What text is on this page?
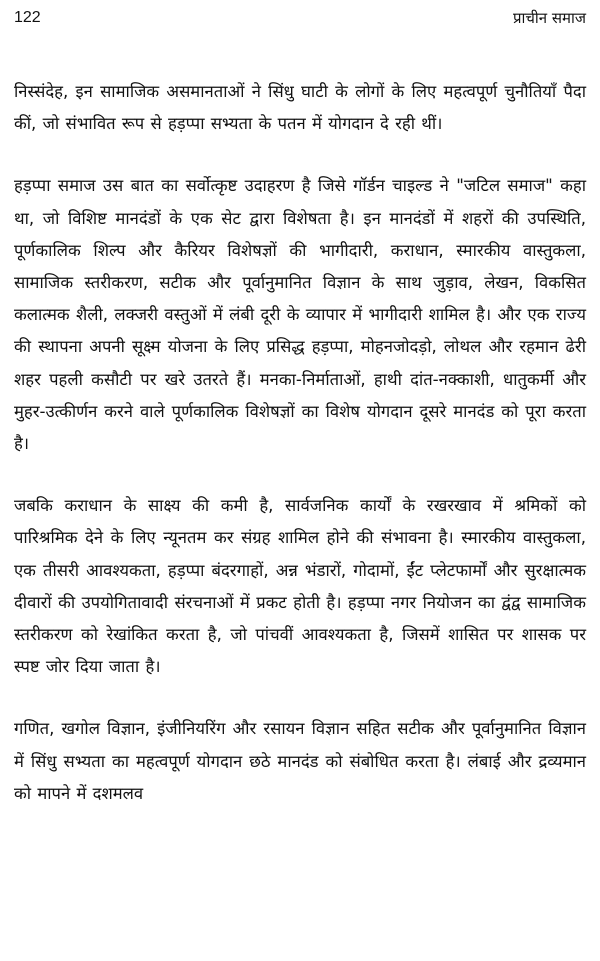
122	प्राचीन समाज

निस्संदेह, इन सामाजिक असमानताओं ने सिंधु घाटी के लोगों के लिए महत्वपूर्ण चुनौतियाँ पैदा कीं, जो संभावित रूप से हड़प्पा सभ्यता के पतन में योगदान दे रही थीं।

हड़प्पा समाज उस बात का सर्वोत्कृष्ट उदाहरण है जिसे गॉर्डन चाइल्ड ने "जटिल समाज" कहा था, जो विशिष्ट मानदंडों के एक सेट द्वारा विशेषता है। इन मानदंडों में शहरों की उपस्थिति, पूर्णकालिक शिल्प और कैरियर विशेषज्ञों की भागीदारी, कराधान, स्मारकीय वास्तुकला, सामाजिक स्तरीकरण, सटीक और पूर्वानुमानित विज्ञान के साथ जुड़ाव, लेखन, विकसित कलात्मक शैली, लक्जरी वस्तुओं में लंबी दूरी के व्यापार में भागीदारी शामिल है। और एक राज्य की स्थापना अपनी सूक्ष्म योजना के लिए प्रसिद्ध हड़प्पा, मोहनजोदड़ो, लोथल और रहमान ढेरी शहर पहली कसौटी पर खरे उतरते हैं। मनका-निर्माताओं, हाथी दांत-नक्काशी, धातुकर्मी और मुहर-उत्कीर्णन करने वाले पूर्णकालिक विशेषज्ञों का विशेष योगदान दूसरे मानदंड को पूरा करता है।

जबकि कराधान के साक्ष्य की कमी है, सार्वजनिक कार्यों के रखरखाव में श्रमिकों को पारिश्रमिक देने के लिए न्यूनतम कर संग्रह शामिल होने की संभावना है। स्मारकीय वास्तुकला, एक तीसरी आवश्यकता, हड़प्पा बंदरगाहों, अन्न भंडारों, गोदामों, ईंट प्लेटफार्मों और सुरक्षात्मक दीवारों की उपयोगितावादी संरचनाओं में प्रकट होती है। हड़प्पा नगर नियोजन का द्वंद्व सामाजिक स्तरीकरण को रेखांकित करता है, जो पांचवीं आवश्यकता है, जिसमें शासित पर शासक पर स्पष्ट जोर दिया जाता है।

गणित, खगोल विज्ञान, इंजीनियरिंग और रसायन विज्ञान सहित सटीक और पूर्वानुमानित विज्ञान में सिंधु सभ्यता का महत्वपूर्ण योगदान छठे मानदंड को संबोधित करता है। लंबाई और द्रव्यमान को मापने में दशमलव
